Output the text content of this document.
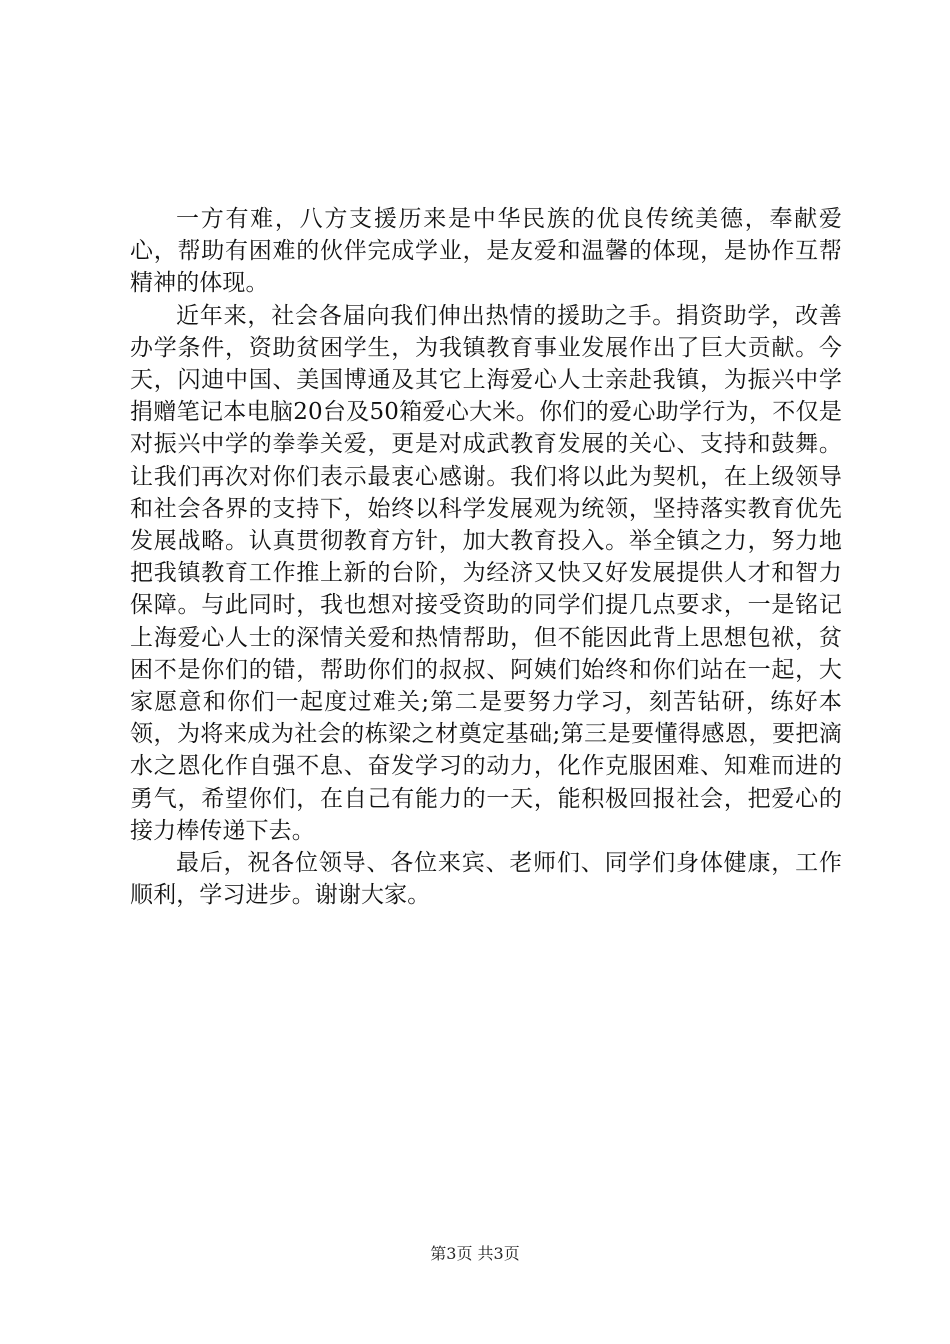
一方有难，八方支援历来是中华民族的优良传统美德，奉献爱心，帮助有困难的伙伴完成学业，是友爱和温馨的体现，是协作互帮精神的体现。

近年来，社会各届向我们伸出热情的援助之手。捐资助学，改善办学条件，资助贫困学生，为我镇教育事业发展作出了巨大贡献。今天，闪迪中国、美国博通及其它上海爱心人士亲赴我镇，为振兴中学捐赠笔记本电脑20台及50箱爱心大米。你们的爱心助学行为，不仅是对振兴中学的拳拳关爱，更是对成武教育发展的关心、支持和鼓舞。让我们再次对你们表示最衷心感谢。我们将以此为契机，在上级领导和社会各界的支持下，始终以科学发展观为统领，坚持落实教育优先发展战略。认真贯彻教育方针，加大教育投入。举全镇之力，努力地把我镇教育工作推上新的台阶，为经济又快又好发展提供人才和智力保障。与此同时，我也想对接受资助的同学们提几点要求，一是铭记上海爱心人士的深情关爱和热情帮助，但不能因此背上思想包袱，贫困不是你们的错，帮助你们的叔叔、阿姨们始终和你们站在一起，大家愿意和你们一起度过难关;第二是要努力学习，刻苦钻研，练好本领，为将来成为社会的栋梁之材奠定基础;第三是要懂得感恩，要把滴水之恩化作自强不息、奋发学习的动力，化作克服困难、知难而进的勇气，希望你们，在自己有能力的一天，能积极回报社会，把爱心的接力棒传递下去。

最后，祝各位领导、各位来宾、老师们、同学们身体健康，工作顺利，学习进步。谢谢大家。

第3页 共3页
